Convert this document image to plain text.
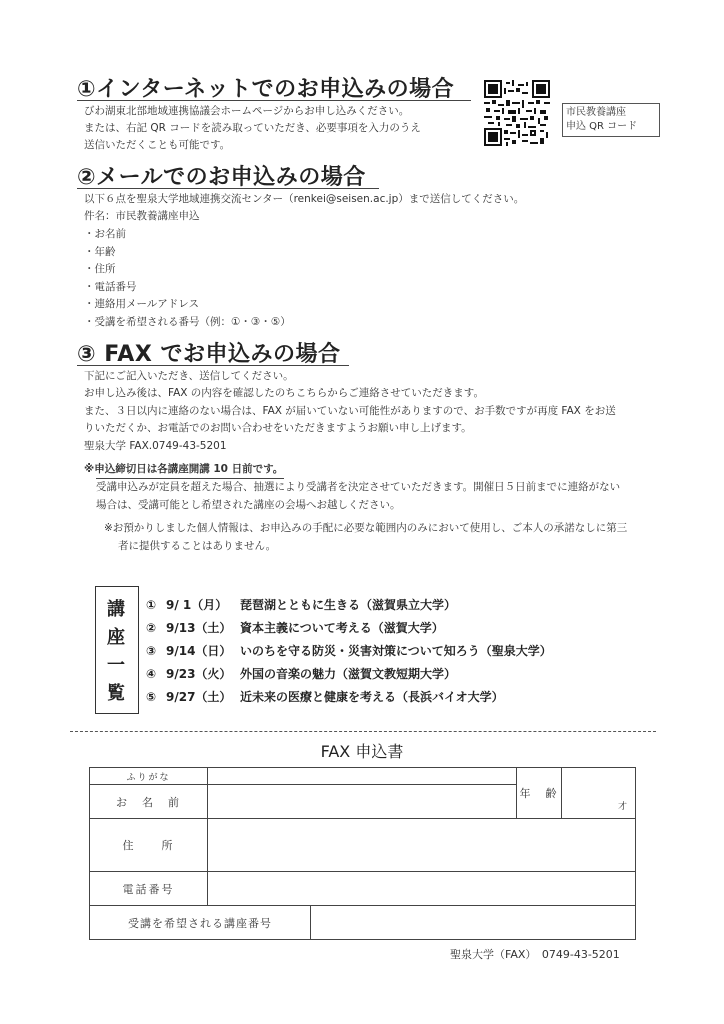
①インターネットでのお申込みの場合
びわ湖東北部地域連携協議会ホームページからお申し込みください。
または、右記 QR コードを読み取っていただき、必要事項を入力のうえ
送信いただくことも可能です。
市民教養講座
申込 QR コード
②メールでのお申込みの場合
以下６点を聖泉大学地域連携交流センター（renkei@seisen.ac.jp）まで送信してください。
件名：市民教養講座申込
・お名前
・年齢
・住所
・電話番号
・連絡用メールアドレス
・受講を希望される番号（例：①・③・⑤）
③ FAX でお申込みの場合
下記にご記入いただき、送信してください。
お申し込み後は、FAX の内容を確認したのちこちらからご連絡させていただきます。
また、３日以内に連絡のない場合は、FAX が届いていない可能性がありますので、お手数ですが再度 FAX をお送
りいただくか、お電話でのお問い合わせをいただきますようお願い申し上げます。
聖泉大学 FAX.0749-43-5201
※申込締切日は各講座開講 10 日前です。
受講申込みが定員を超えた場合、抽選により受講者を決定させていただきます。開催日５日前までに連絡がない
場合は、受講可能とし希望された講座の会場へお越しください。
※お預かりしました個人情報は、お申込みの手配に必要な範囲内のみにおいて使用し、ご本人の承諾なしに第三
者に提供することはありません。
講
座
一
覧
① 9/ 1（月） 琵琶湖とともに生きる（滋賀県立大学）
② 9/13（土） 資本主義について考える（滋賀大学）
③ 9/14（日） いのちを守る防災・災害対策について知ろう（聖泉大学）
④ 9/23（火） 外国の音楽の魅力（滋賀文教短期大学）
⑤ 9/27（土） 近未来の医療と健康を考える（長浜バイオ大学）
FAX 申込書
ふりがな			年　齢	才
お　名　前				
住　　所				
電話番号				
受講を希望される講座番号				
聖泉大学（FAX）　0749-43-5201
